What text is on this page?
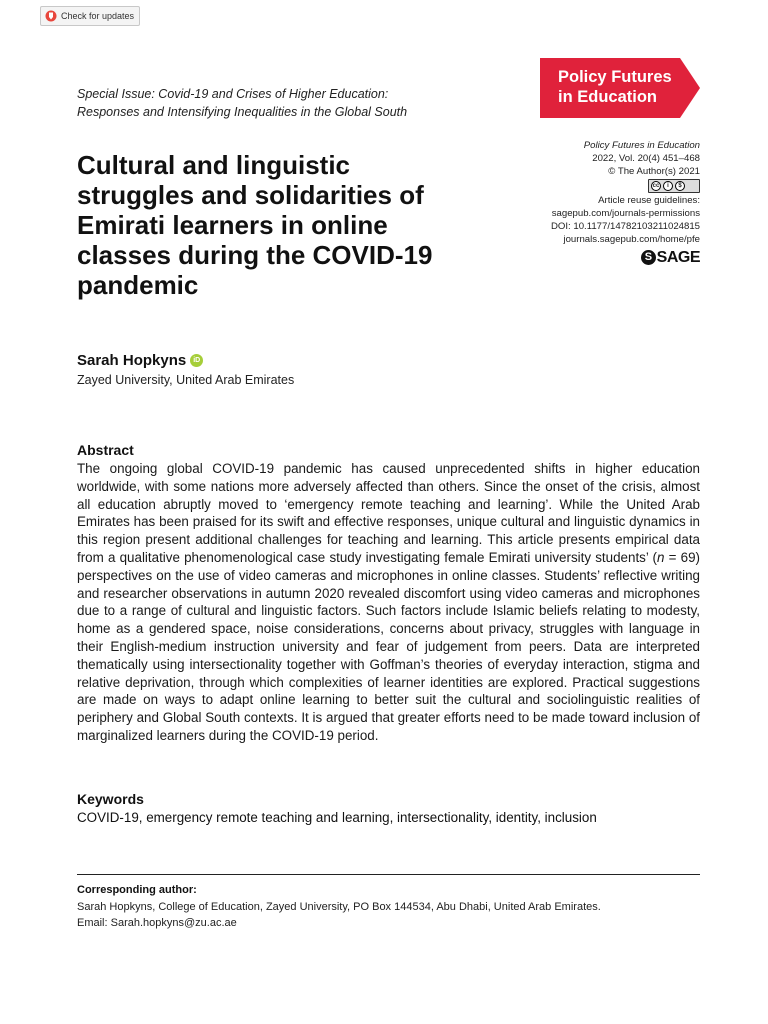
Check for updates
Special Issue: Covid-19 and Crises of Higher Education:
Responses and Intensifying Inequalities in the Global South
Policy Futures
in Education
Policy Futures in Education
2022, Vol. 20(4) 451–468
© The Author(s) 2021
cc	i	$
Article reuse guidelines:
sagepub.com/journals-permissions
DOI: 10.1177/14782103211024815
journals.sagepub.com/home/pfe
S SAGE
Cultural and linguistic struggles and solidarities of Emirati learners in online classes during the COVID-19 pandemic
Sarah Hopkyns	iD
Zayed University, United Arab Emirates
Abstract
The ongoing global COVID-19 pandemic has caused unprecedented shifts in higher education worldwide, with some nations more adversely affected than others. Since the onset of the crisis, almost all education abruptly moved to ‘emergency remote teaching and learning’. While the United Arab Emirates has been praised for its swift and effective responses, unique cultural and linguistic dynamics in this region present additional challenges for teaching and learning. This article presents empirical data from a qualitative phenomenological case study investigating female Emirati university students’ (n = 69) perspectives on the use of video cameras and microphones in online classes. Students’ reflective writing and researcher observations in autumn 2020 revealed discomfort using video cameras and microphones due to a range of cultural and linguistic factors. Such factors include Islamic beliefs relating to modesty, home as a gendered space, noise considerations, concerns about privacy, struggles with language in their English-medium instruction university and fear of judgement from peers. Data are interpreted thematically using intersectionality together with Goffman’s theories of everyday interaction, stigma and relative deprivation, through which complexities of learner identities are explored. Practical suggestions are made on ways to adapt online learning to better suit the cultural and sociolinguistic realities of periphery and Global South contexts. It is argued that greater efforts need to be made toward inclusion of marginalized learners during the COVID-19 period.
Keywords
COVID-19, emergency remote teaching and learning, intersectionality, identity, inclusion
Corresponding author:
Sarah Hopkyns, College of Education, Zayed University, PO Box 144534, Abu Dhabi, United Arab Emirates.
Email: Sarah.hopkyns@zu.ac.ae
